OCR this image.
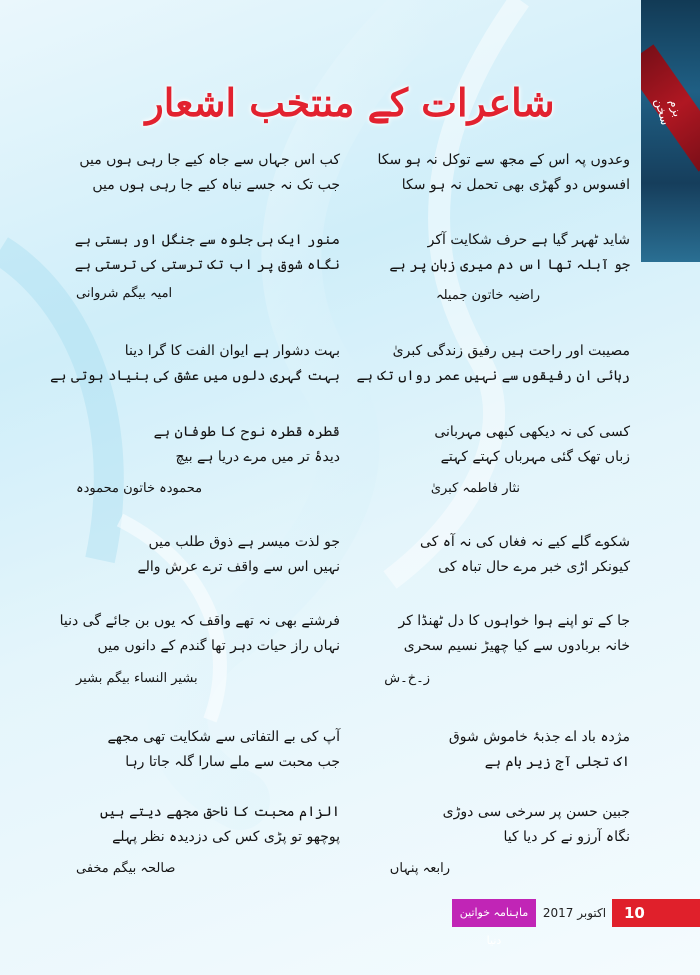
بزم سخن
شاعرات کے منتخب اشعار
وعدوں پہ اس کے مجھ سے توکل نہ ہو سکا
افسوس دو گھڑی بھی تحمل نہ ہو سکا
شاید ٹھہر گیا ہے حرف شکایت آکر
جو آبلہ تھا اس دم میری زبان پر ہے
راضیہ خاتون جمیلہ
مصیبت اور راحت ہیں رفیق زندگی کبریٰ
رہائی ان رفیقوں سے نہیں عمر رواں تک ہے
کسی کی نہ دیکھی کبھی مہربانی
زباں تھک گئی مہرباں کہتے کہتے
نثار فاطمہ کبریٰ
شکوے گلے کیے نہ فغاں کی نہ آہ کی
کیونکر اڑی خبر مرے حال تباہ کی
جا کے تو اپنے ہوا خواہوں کا دل ٹھنڈا کر
خانہ بربادوں سے کیا چھیڑ نسیم سحری
ز۔خ۔ش
مژدہ باد اے جذبۂ خاموش شوق
اک تجلی آج زیر بام ہے
جبین حسن پر سرخی سی دوڑی
نگاہ آرزو نے کر دیا کیا
رابعہ پنہاں
کب اس جہاں سے جاہ کیے جا رہی ہوں میں
جب تک نہ جسے نباہ کیے جا رہی ہوں میں
منور ایک ہی جلوہ سے جنگل اور بستی ہے
نگاہ شوق پر اب تک ترستی کی ترستی ہے
امیہ بیگم شروانی
بہت دشوار ہے ایوان الفت کا گرا دینا
بہت گہری دلوں میں عشق کی بنیاد ہوتی ہے
قطرہ قطرہ نوح کا طوفان ہے
دیدۂ تر میں مرے دریا ہے بیچ
محمودہ خاتون محمودہ
جو لذت میسر ہے ذوق طلب میں
نہیں اس سے واقف ترے عرش والے
فرشتے بھی نہ تھے واقف کہ یوں بن جائے گی دنیا
نہاں راز حیات دہر تھا گندم کے دانوں میں
بشیر النساء بیگم بشیر
آپ کی بے التفاتی سے شکایت تھی مجھے
جب محبت سے ملے سارا گلہ جاتا رہا
الزام محبت کا ناحق مجھے دیتے ہیں
پوچھو تو پڑی کس کی دزدیدہ نظر پہلے
صالحہ بیگم مخفی
ماہنامہ خواتین دنیا
اکتوبر 2017	10
